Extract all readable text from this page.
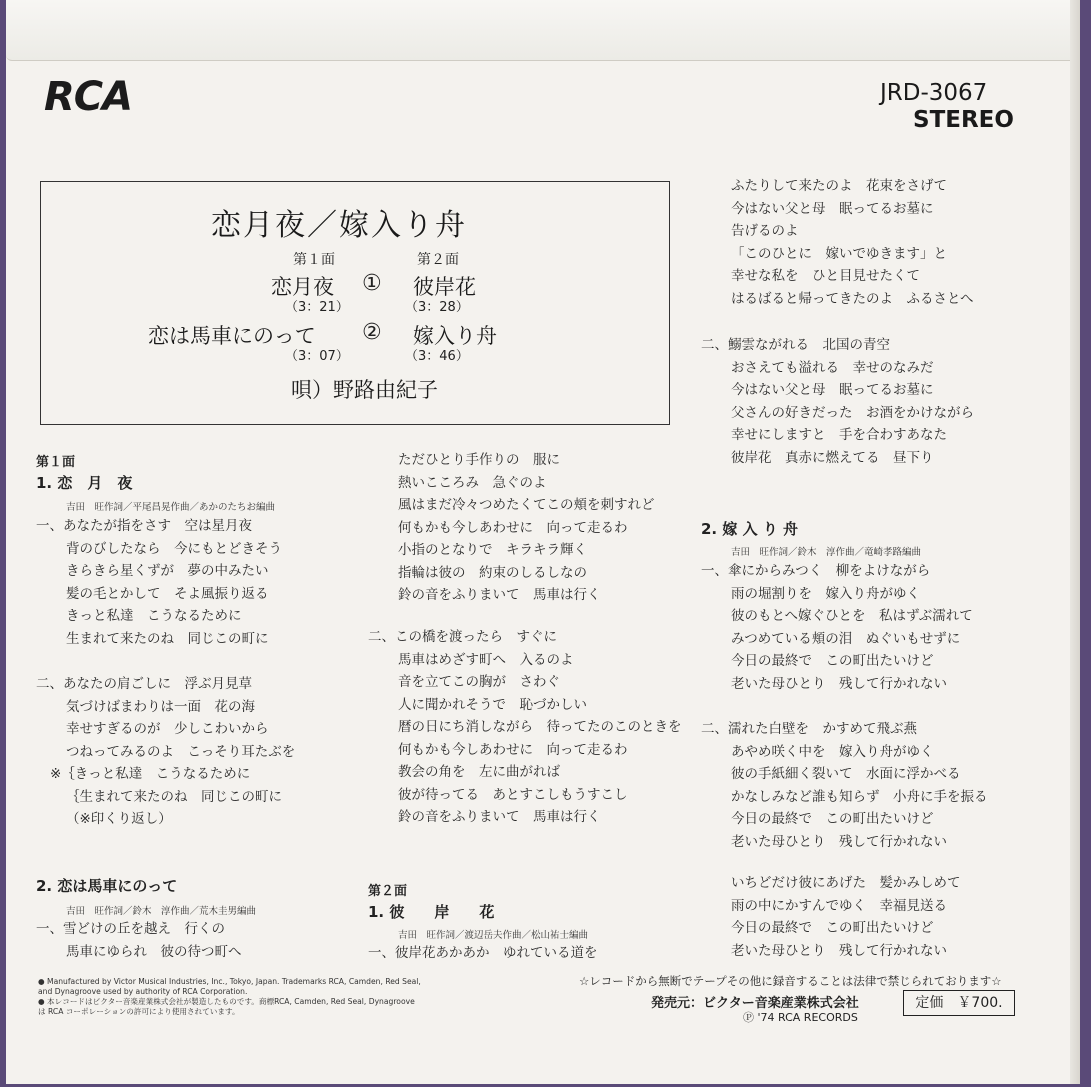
RCA	JRD-3067
STEREO
恋月夜／嫁入り舟
第１面	第２面
恋月夜 ① 彼岸花
（3：21）	（3：28）
恋は馬車にのって ② 嫁入り舟
（3：07）	（3：46）
唄）野路由紀子
第１面
1. 恋　月　夜
吉田　旺作詞／平尾昌晃作曲／あかのたちお編曲
一、あなたが指をさす　空は星月夜
背のびしたなら　今にもとどきそう
きらきら星くずが　夢の中みたい
髪の毛とかして　そよ風振り返る
きっと私達　こうなるために
生まれて来たのね　同じこの町に
二、あなたの肩ごしに　浮ぶ月見草
気づけばまわりは一面　花の海
幸せすぎるのが　少しこわいから
つねってみるのよ　こっそり耳たぶを
※｛きっと私達　こうなるために
｛生まれて来たのね　同じこの町に
（※印くり返し）
2. 恋は馬車にのって
吉田　旺作詞／鈴木　淳作曲／荒木圭男編曲
一、雪どけの丘を越え　行くの
馬車にゆられ　彼の待つ町へ
ただひとり手作りの　服に
熱いこころみ　急ぐのよ
風はまだ冷々つめたくてこの頬を刺すれど
何もかも今しあわせに　向って走るわ
小指のとなりで　キラキラ輝く
指輪は彼の　約束のしるしなの
鈴の音をふりまいて　馬車は行く
二、この橋を渡ったら　すぐに
馬車はめざす町へ　入るのよ
音を立てこの胸が　さわぐ
人に聞かれそうで　恥づかしい
暦の日にち消しながら　待ってたのこのときを
何もかも今しあわせに　向って走るわ
教会の角を　左に曲がれば
彼が待ってる　あとすこしもうすこし
鈴の音をふりまいて　馬車は行く
第２面
1. 彼　　岸　　花
吉田　旺作詞／渡辺岳夫作曲／松山祐士編曲
一、彼岸花あかあか　ゆれている道を
ふたりして来たのよ　花束をさげて
今はない父と母　眠ってるお墓に
告げるのよ
「このひとに　嫁いでゆきます」と
幸せな私を　ひと目見せたくて
はるばると帰ってきたのよ　ふるさとへ
二、鰯雲ながれる　北国の青空
おさえても溢れる　幸せのなみだ
今はない父と母　眠ってるお墓に
父さんの好きだった　お酒をかけながら
幸せにしますと　手を合わすあなた
彼岸花　真赤に燃えてる　昼下り
2. 嫁 入 り 舟
吉田　旺作詞／鈴木　淳作曲／竜崎孝路編曲
一、傘にからみつく　柳をよけながら
雨の堀割りを　嫁入り舟がゆく
彼のもとへ嫁ぐひとを　私はずぶ濡れて
みつめている頬の泪　ぬぐいもせずに
今日の最終で　この町出たいけど
老いた母ひとり　残して行かれない
二、濡れた白壁を　かすめて飛ぶ燕
あやめ咲く中を　嫁入り舟がゆく
彼の手紙細く裂いて　水面に浮かべる
かなしみなど誰も知らず　小舟に手を振る
今日の最終で　この町出たいけど
老いた母ひとり　残して行かれない
いちどだけ彼にあげた　髪かみしめて
雨の中にかすんでゆく　幸福見送る
今日の最終で　この町出たいけど
老いた母ひとり　残して行かれない
● Manufactured by Victor Musical Industries, Inc., Tokyo, Japan. Trademarks RCA, Camden, Red Seal,
and Dynagroove used by authority of RCA Corporation.
● 本レコードはビクター音楽産業株式会社が製造したものです。商標RCA, Camden, Red Seal, Dynagroove
は RCA コーポレーションの許可により使用されています。
☆レコードから無断でテープその他に録音することは法律で禁じられております☆
発売元：ビクター音楽産業株式会社
Ⓟ '74 RCA RECORDS
定価　￥700.
